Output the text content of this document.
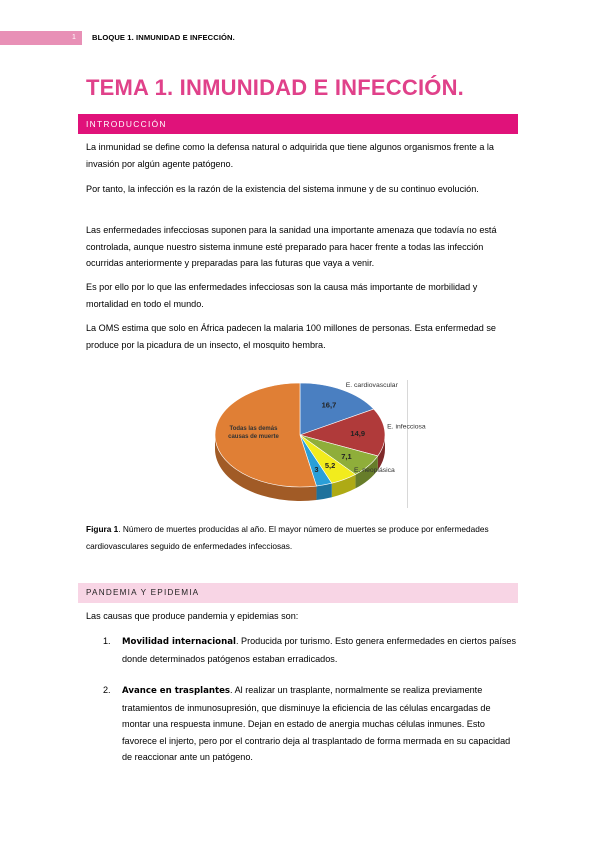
1	BLOQUE 1. INMUNIDAD E INFECCIÓN.
TEMA 1. INMUNIDAD E INFECCIÓN.
INTRODUCCIÓN

La inmunidad se define como la defensa natural o adquirida que tiene algunos organismos frente a la invasión por algún agente patógeno.

Por tanto, la infección es la razón de la existencia del sistema inmune y de su continuo evolución.

Las enfermedades infecciosas suponen para la sanidad una importante amenaza que todavía no está controlada, aunque nuestro sistema inmune esté preparado para hacer frente a todas las infección ocurridas anteriormente y preparadas para las futuras que vaya a venir.

Es por ello por lo que las enfermedades infecciosas son la causa más importante de morbilidad y mortalidad en todo el mundo.

La OMS estima que solo en África padecen la malaria 100 millones de personas. Esta enfermedad se produce por la picadura de un insecto, el mosquito hembra.

16,7
E. cardiovascular
14,9
E. infecciosa
7,1
5,2
3
Todas las demás causas de muerte
E. neoplásica

Figura 1. Número de muertes producidas al año. El mayor número de muertes se produce por enfermedades cardiovasculares seguido de enfermedades infecciosas.

PANDEMIA Y EPIDEMIA

Las causas que produce pandemia y epidemias son:

1. Movilidad internacional. Producida por turismo. Esto genera enfermedades en ciertos países donde determinados patógenos estaban erradicados.

2. Avance en trasplantes. Al realizar un trasplante, normalmente se realiza previamente tratamientos de inmunosupresión, que disminuye la eficiencia de las células encargadas de montar una respuesta inmune. Dejan en estado de anergia muchas células inmunes. Esto favorece el injerto, pero por el contrario deja al trasplantado de forma mermada en su capacidad de reaccionar ante un patógeno.
